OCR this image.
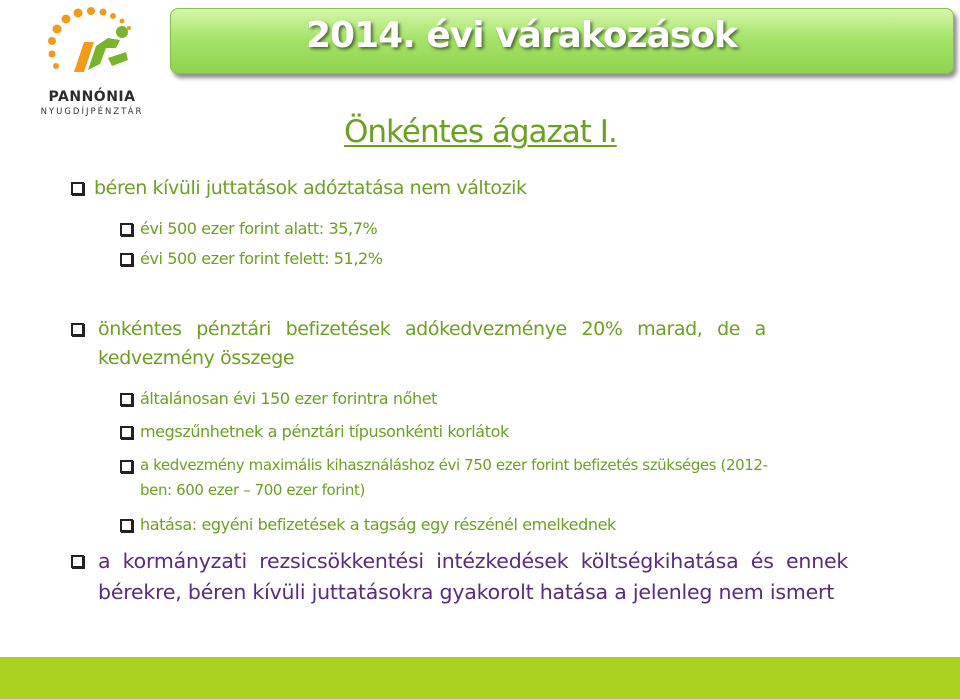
PANNÓNIA
NYUGDÍJPÉNZTÁR
2014. évi várakozások
Önkéntes ágazat I.
béren kívüli juttatások adóztatása nem változik
évi 500 ezer forint alatt: 35,7%
évi 500 ezer forint felett: 51,2%
önkéntes pénztári befizetések adókedvezménye 20% marad, de a
kedvezmény összege
általánosan évi 150 ezer forintra nőhet
megszűnhetnek a pénztári típusonkénti korlátok
a kedvezmény maximális kihasználáshoz évi 750 ezer forint befizetés szükséges (2012-
ben: 600 ezer – 700 ezer forint)
hatása: egyéni befizetések a tagság egy részénél emelkednek
a kormányzati rezsicsökkentési intézkedések költségkihatása és ennek
bérekre, béren kívüli juttatásokra gyakorolt hatása a jelenleg nem ismert
